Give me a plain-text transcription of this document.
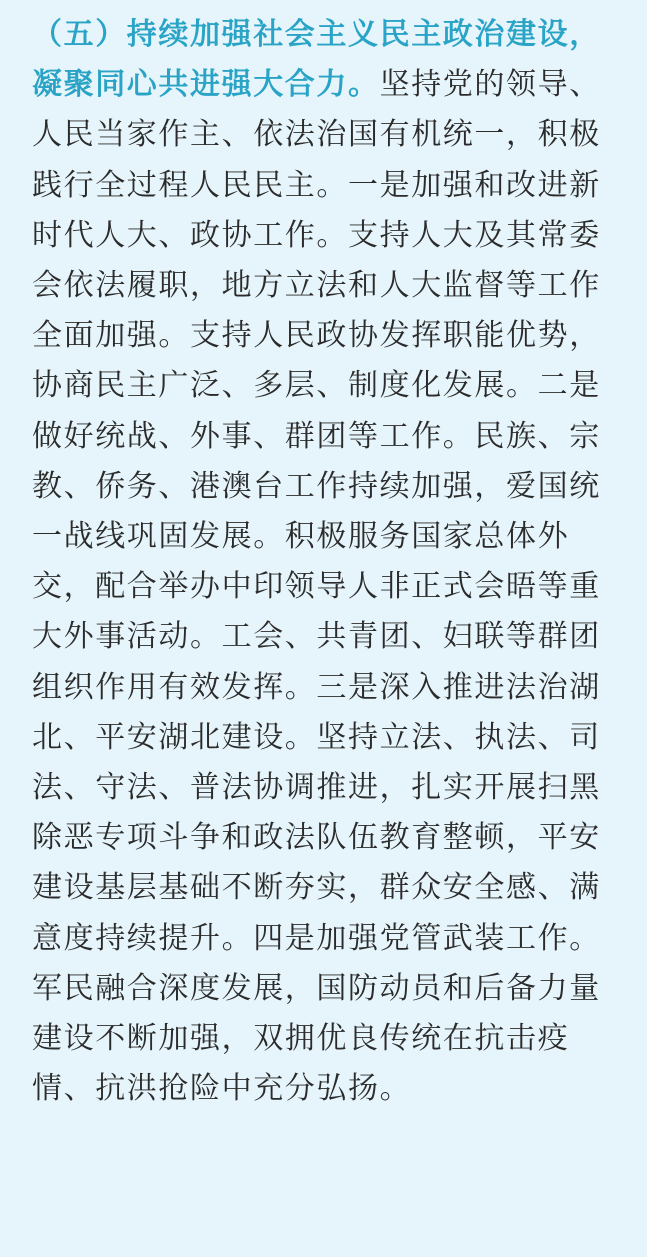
（五）持续加强社会主义民主政治建设，
凝聚同心共进强大合力。坚持党的领导、
人民当家作主、依法治国有机统一，积极
践行全过程人民民主。一是加强和改进新
时代人大、政协工作。支持人大及其常委
会依法履职，地方立法和人大监督等工作
全面加强。支持人民政协发挥职能优势，
协商民主广泛、多层、制度化发展。二是
做好统战、外事、群团等工作。民族、宗
教、侨务、港澳台工作持续加强，爱国统
一战线巩固发展。积极服务国家总体外
交，配合举办中印领导人非正式会晤等重
大外事活动。工会、共青团、妇联等群团
组织作用有效发挥。三是深入推进法治湖
北、平安湖北建设。坚持立法、执法、司
法、守法、普法协调推进，扎实开展扫黑
除恶专项斗争和政法队伍教育整顿，平安
建设基层基础不断夯实，群众安全感、满
意度持续提升。四是加强党管武装工作。
军民融合深度发展，国防动员和后备力量
建设不断加强，双拥优良传统在抗击疫
情、抗洪抢险中充分弘扬。
